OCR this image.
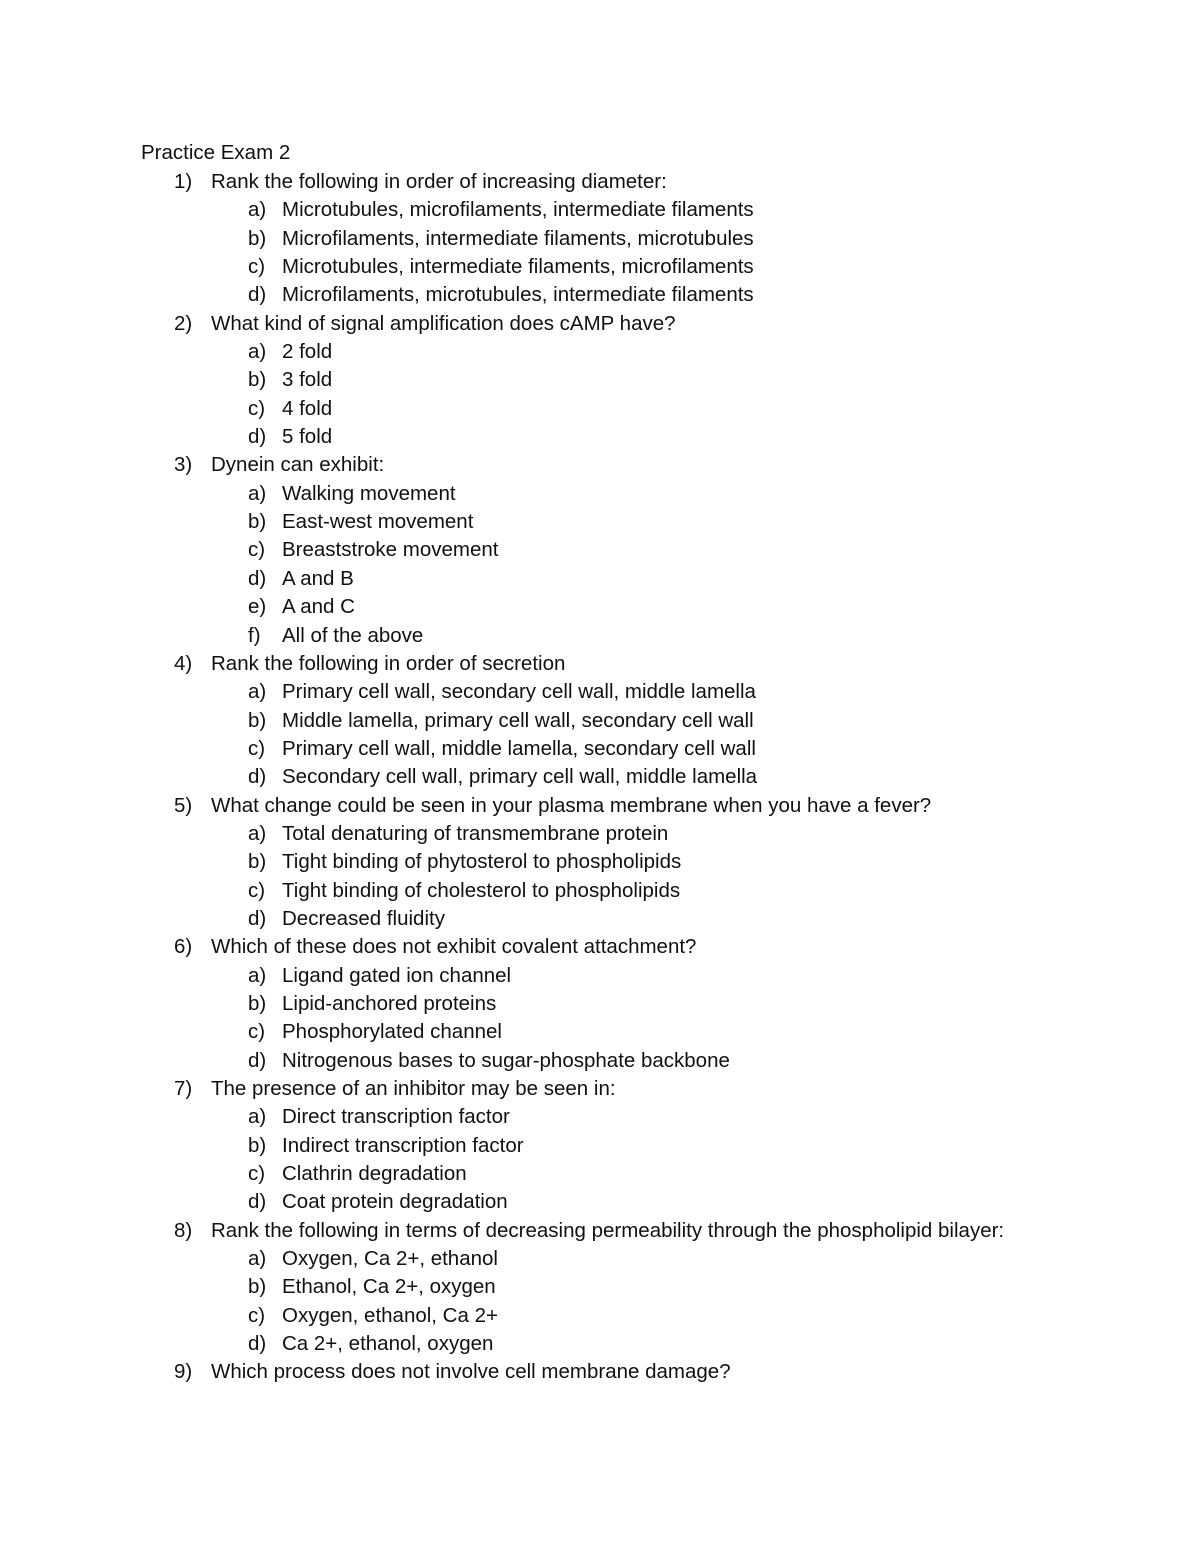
Practice Exam 2
1) Rank the following in order of increasing diameter:
a) Microtubules, microfilaments, intermediate filaments
b) Microfilaments, intermediate filaments, microtubules
c) Microtubules, intermediate filaments, microfilaments
d) Microfilaments, microtubules, intermediate filaments
2) What kind of signal amplification does cAMP have?
a) 2 fold
b) 3 fold
c) 4 fold
d) 5 fold
3) Dynein can exhibit:
a) Walking movement
b) East-west movement
c) Breaststroke movement
d) A and B
e) A and C
f)	All of the above
4) Rank the following in order of secretion
a) Primary cell wall, secondary cell wall, middle lamella
b) Middle lamella, primary cell wall, secondary cell wall
c) Primary cell wall, middle lamella, secondary cell wall
d) Secondary cell wall, primary cell wall, middle lamella
5) What change could be seen in your plasma membrane when you have a fever?
a) Total denaturing of transmembrane protein
b) Tight binding of phytosterol to phospholipids
c) Tight binding of cholesterol to phospholipids
d) Decreased fluidity
6) Which of these does not exhibit covalent attachment?
a) Ligand gated ion channel
b) Lipid-anchored proteins
c) Phosphorylated channel
d) Nitrogenous bases to sugar-phosphate backbone
7) The presence of an inhibitor may be seen in:
a) Direct transcription factor
b) Indirect transcription factor
c) Clathrin degradation
d) Coat protein degradation
8) Rank the following in terms of decreasing permeability through the phospholipid bilayer:
a) Oxygen, Ca 2+, ethanol
b) Ethanol, Ca 2+, oxygen
c) Oxygen, ethanol, Ca 2+
d) Ca 2+, ethanol, oxygen
9) Which process does not involve cell membrane damage?
